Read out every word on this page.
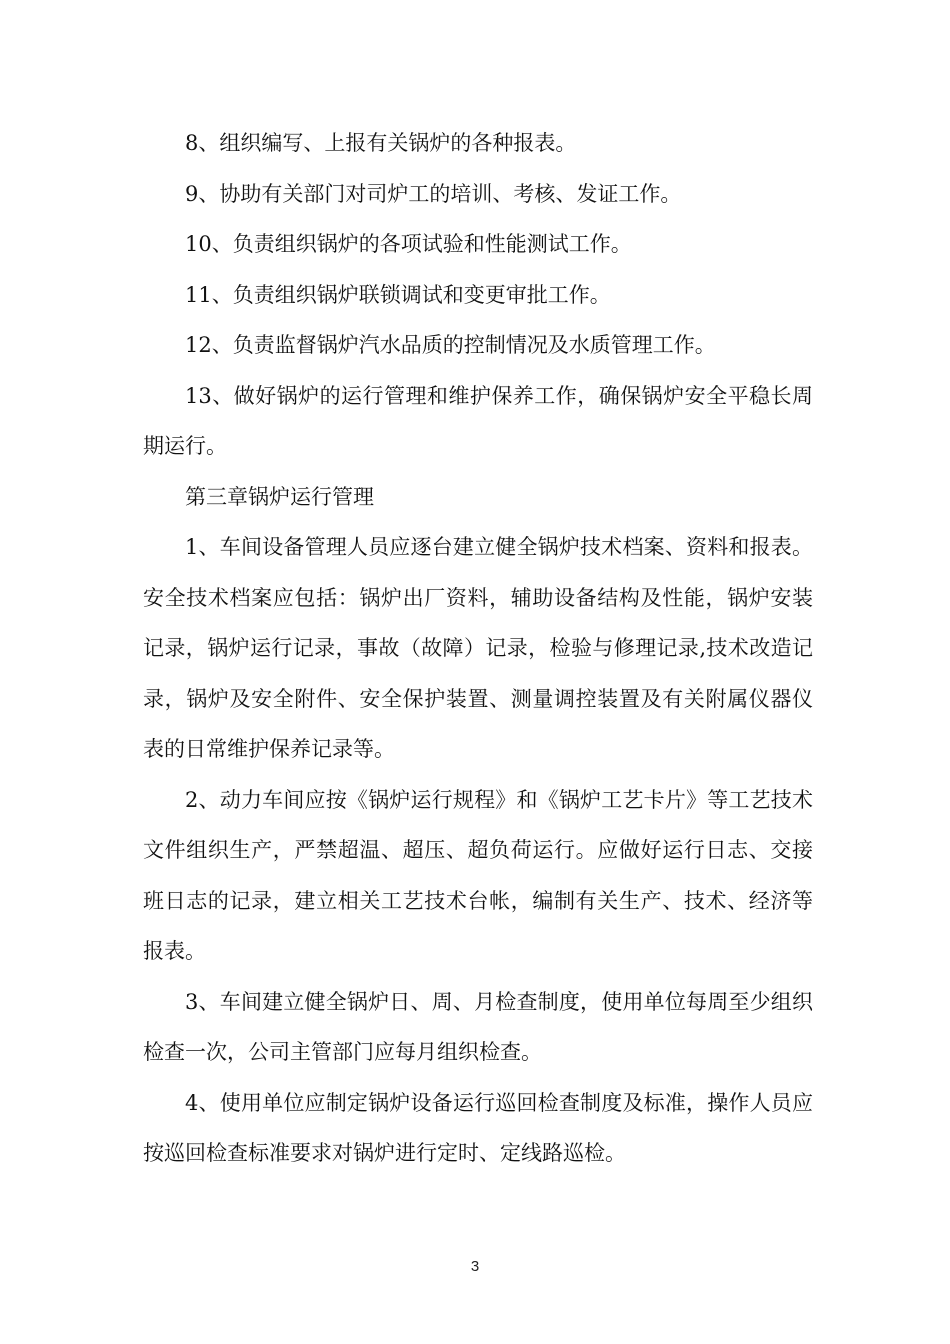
8、组织编写、上报有关锅炉的各种报表。

9、协助有关部门对司炉工的培训、考核、发证工作。

10、负责组织锅炉的各项试验和性能测试工作。

11、负责组织锅炉联锁调试和变更审批工作。

12、负责监督锅炉汽水品质的控制情况及水质管理工作。

13、做好锅炉的运行管理和维护保养工作，确保锅炉安全平稳长周期运行。

第三章锅炉运行管理

1、车间设备管理人员应逐台建立健全锅炉技术档案、资料和报表。安全技术档案应包括：锅炉出厂资料，辅助设备结构及性能，锅炉安装记录，锅炉运行记录，事故（故障）记录，检验与修理记录,技术改造记录，锅炉及安全附件、安全保护装置、测量调控装置及有关附属仪器仪表的日常维护保养记录等。

2、动力车间应按《锅炉运行规程》和《锅炉工艺卡片》等工艺技术文件组织生产，严禁超温、超压、超负荷运行。应做好运行日志、交接班日志的记录，建立相关工艺技术台帐，编制有关生产、技术、经济等报表。

3、车间建立健全锅炉日、周、月检查制度，使用单位每周至少组织检查一次，公司主管部门应每月组织检查。

4、使用单位应制定锅炉设备运行巡回检查制度及标准，操作人员应按巡回检查标准要求对锅炉进行定时、定线路巡检。

3
